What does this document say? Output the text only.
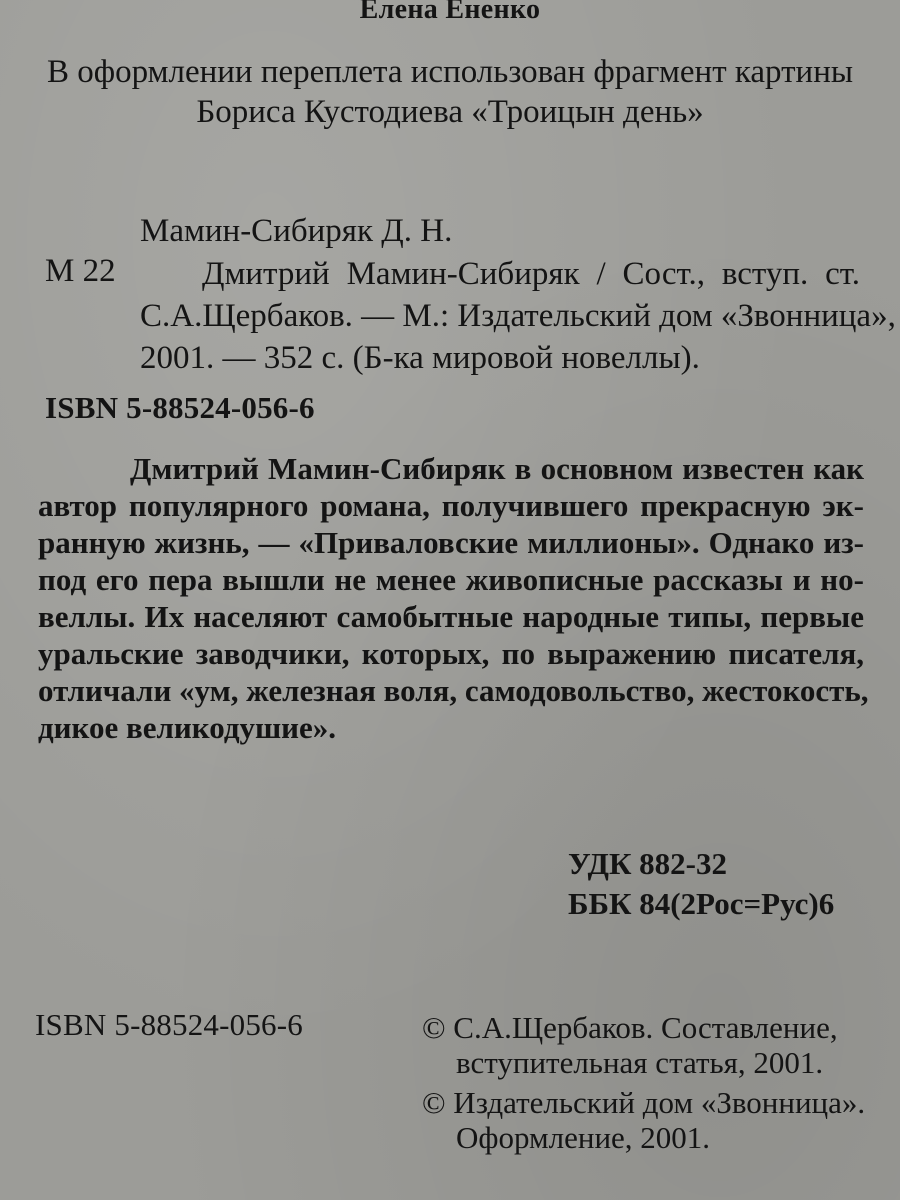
Елена Ененко
В оформлении переплета использован фрагмент картины
Бориса Кустодиева «Троицын день»
Мамин-Сибиряк Д. Н.
М 22	Дмитрий Мамин-Сибиряк / Сост., вступ. ст.
С.А.Щербаков. — М.: Издательский дом «Звонница»,
2001. — 352 с. (Б-ка мировой новеллы).
ISBN 5-88524-056-6
Дмитрий Мамин-Сибиряк в основном известен как
автор популярного романа, получившего прекрасную эк-
ранную жизнь, — «Приваловские миллионы». Однако из-
под его пера вышли не менее живописные рассказы и но-
веллы. Их населяют самобытные народные типы, первые
уральские заводчики, которых, по выражению писателя,
отличали «ум, железная воля, самодовольство, жестокость,
дикое великодушие».
УДК 882-32
ББК 84(2Рос=Рус)6
ISBN 5-88524-056-6	© С.А.Щербаков. Составление,
вступительная статья, 2001.
© Издательский дом «Звонница».
Оформление, 2001.
